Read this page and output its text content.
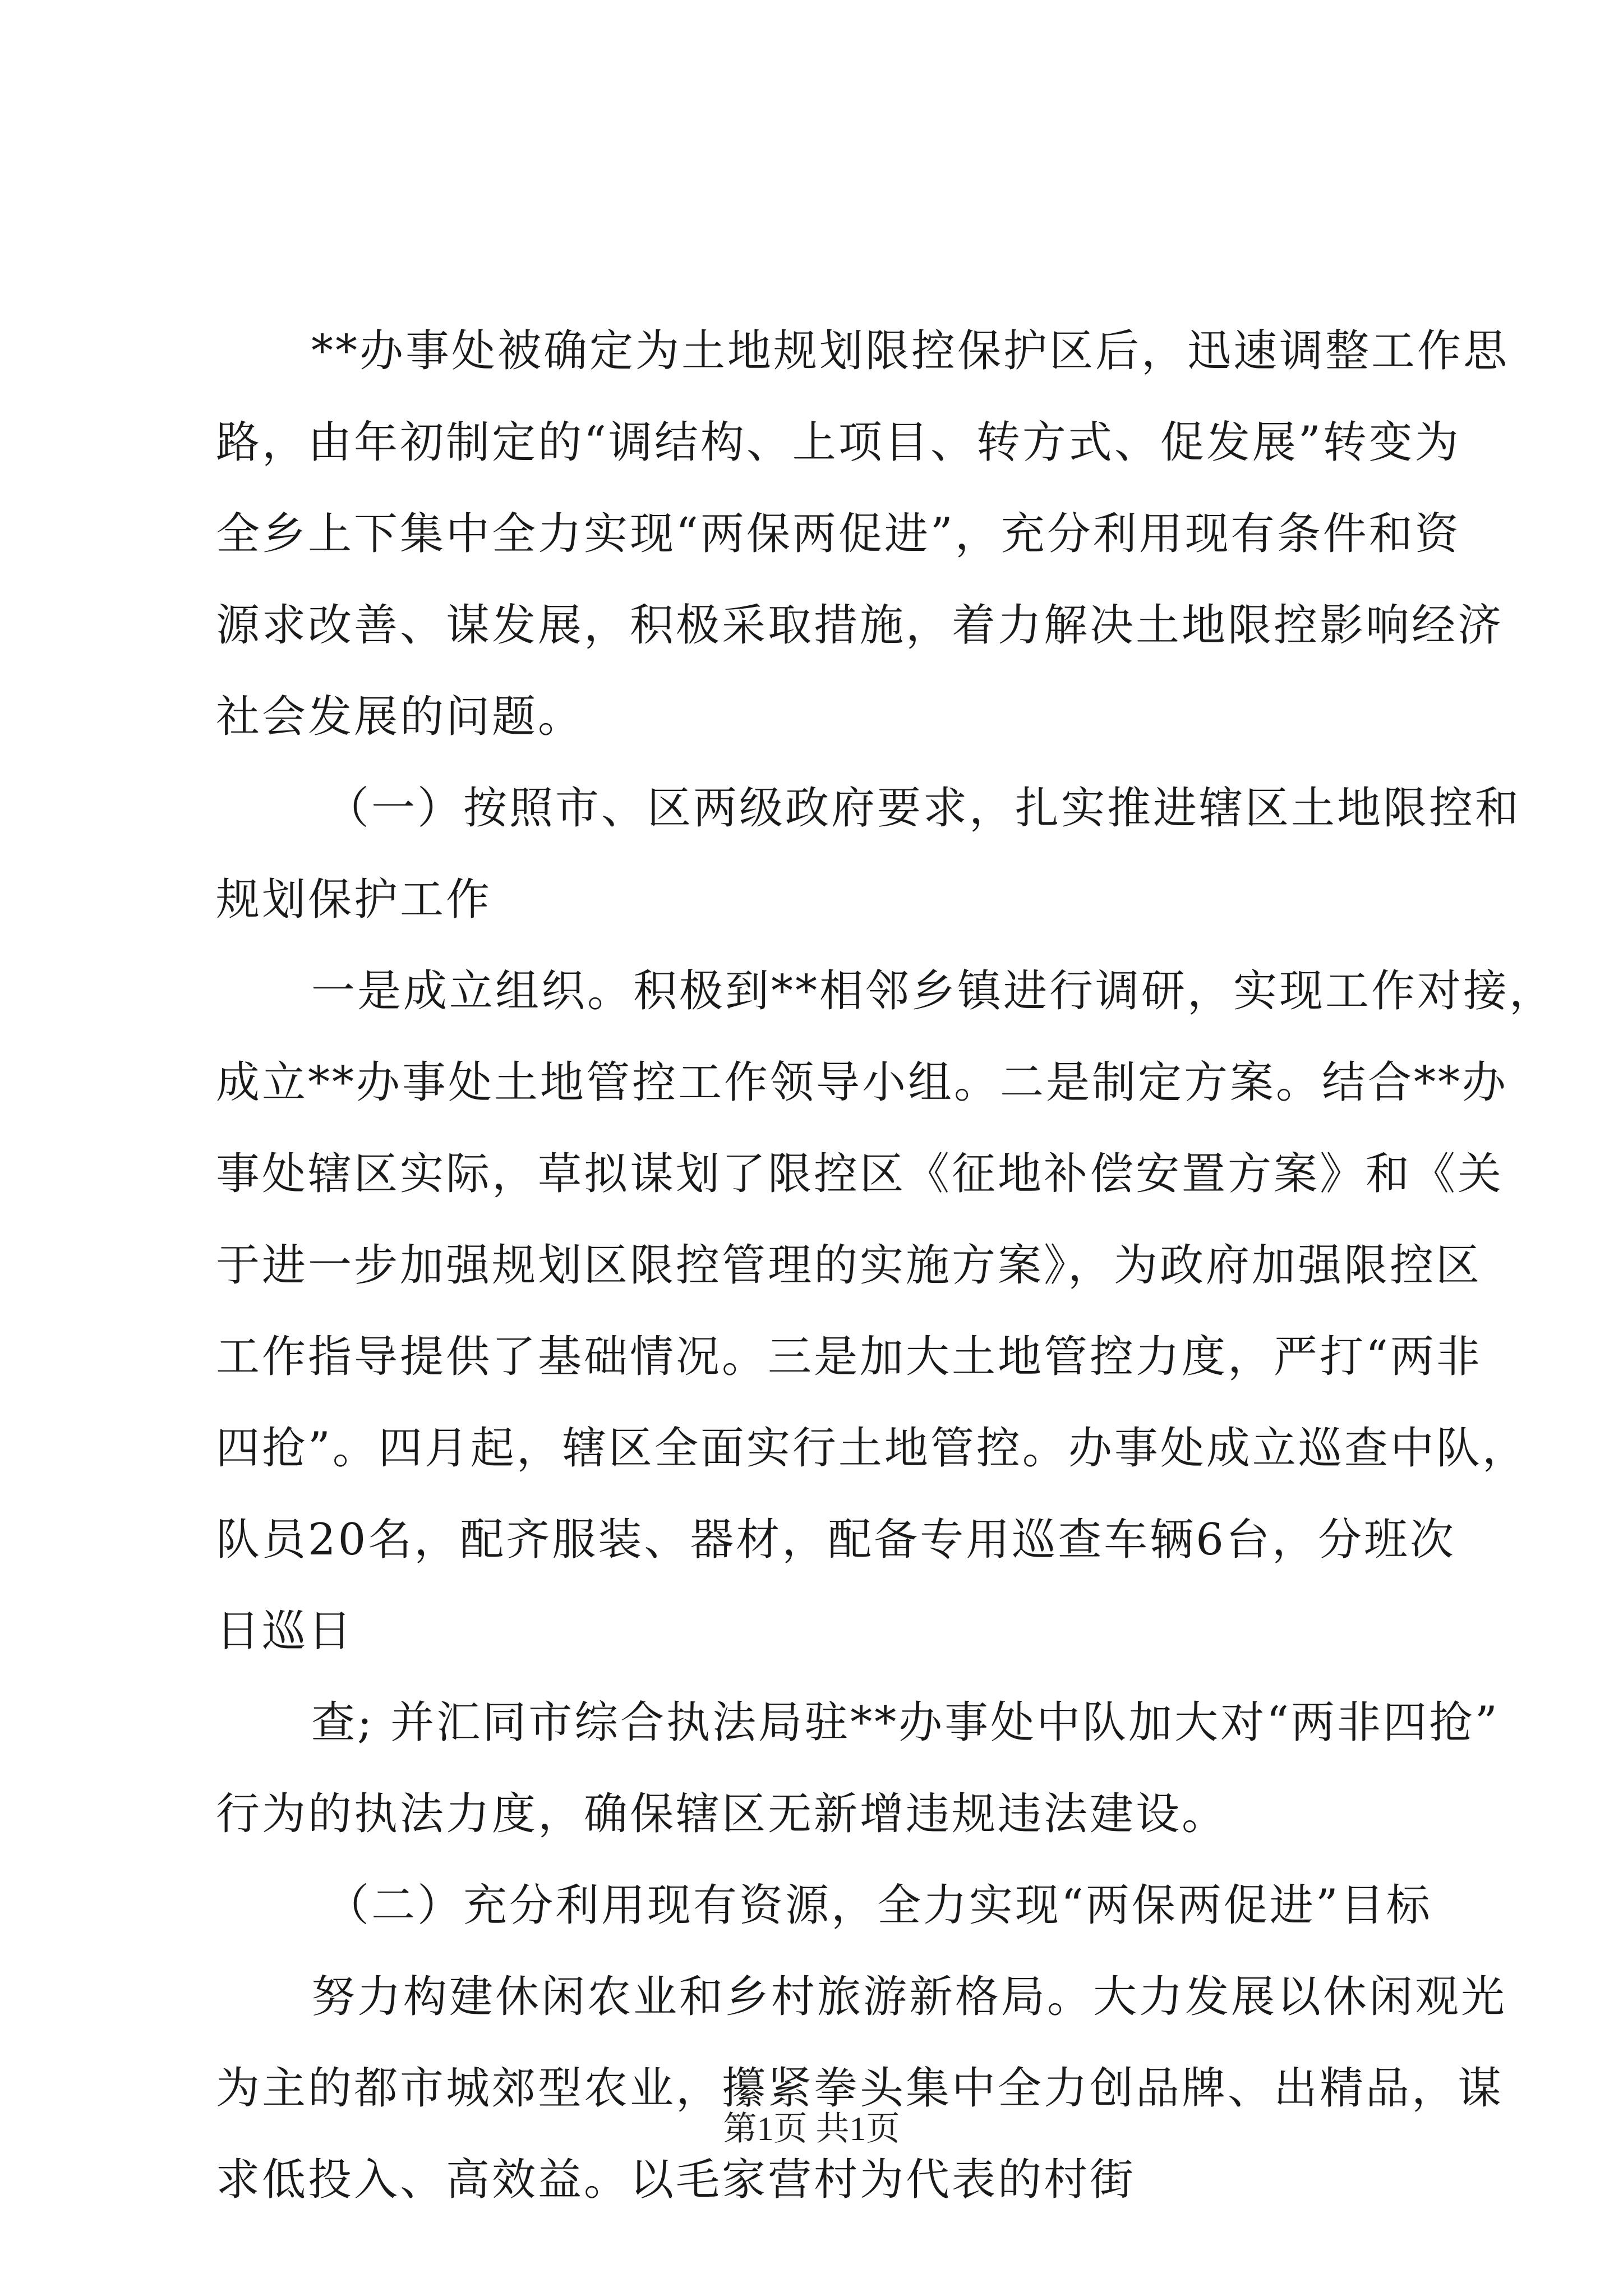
**办事处被确定为土地规划限控保护区后，迅速调整工作思
路，由年初制定的“调结构、上项目、转方式、促发展”转变为
全乡上下集中全力实现“两保两促进”，充分利用现有条件和资
源求改善、谋发展，积极采取措施，着力解决土地限控影响经济
社会发展的问题。
（一）按照市、区两级政府要求，扎实推进辖区土地限控和
规划保护工作
一是成立组织。积极到**相邻乡镇进行调研，实现工作对接，
成立**办事处土地管控工作领导小组。二是制定方案。结合**办
事处辖区实际，草拟谋划了限控区《征地补偿安置方案》和《关
于进一步加强规划区限控管理的实施方案》，为政府加强限控区
工作指导提供了基础情况。三是加大土地管控力度，严打“两非
四抢”。四月起，辖区全面实行土地管控。办事处成立巡查中队，
队员20名，配齐服装、器材，配备专用巡查车辆6台，分班次
日巡日
查; 并汇同市综合执法局驻**办事处中队加大对“两非四抢”
行为的执法力度，确保辖区无新增违规违法建设。
（二）充分利用现有资源，全力实现“两保两促进”目标
努力构建休闲农业和乡村旅游新格局。大力发展以休闲观光
为主的都市城郊型农业，攥紧拳头集中全力创品牌、出精品，谋
求低投入、高效益。以毛家营村为代表的村街
第1页 共1页
